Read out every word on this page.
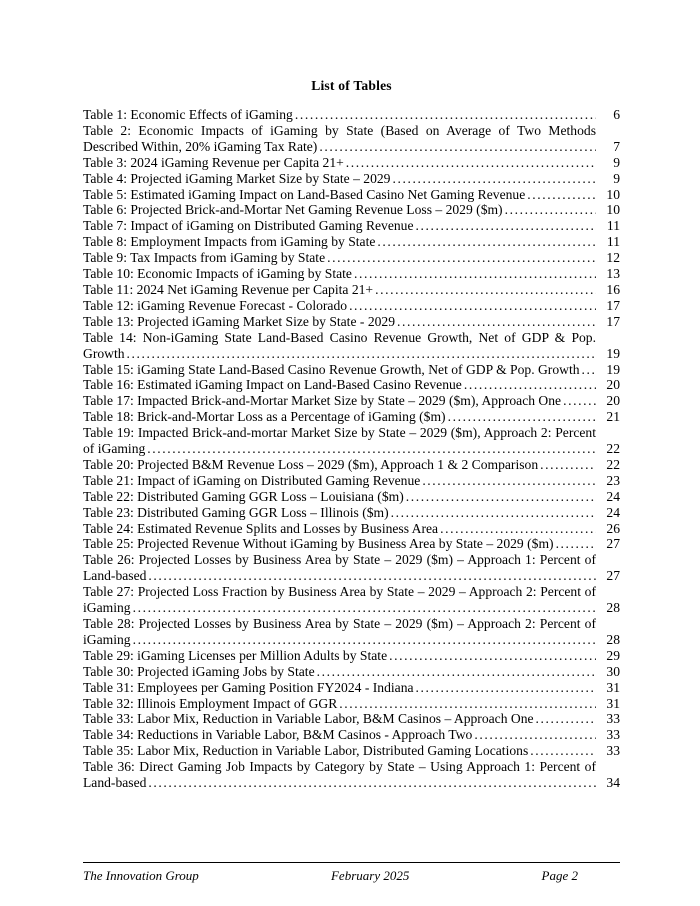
List of Tables
Table 1: Economic Effects of iGaming .....	6
Table 2: Economic Impacts of iGaming by State (Based on Average of Two Methods Described Within, 20% iGaming Tax Rate) .....	7
Table 3: 2024 iGaming Revenue per Capita 21+ .....	9
Table 4: Projected iGaming Market Size by State – 2029 .....	9
Table 5: Estimated iGaming Impact on Land-Based Casino Net Gaming Revenue .....	10
Table 6: Projected Brick-and-Mortar Net Gaming Revenue Loss – 2029 ($m) .....	10
Table 7: Impact of iGaming on Distributed Gaming Revenue .....	11
Table 8: Employment Impacts from iGaming by State .....	11
Table 9: Tax Impacts from iGaming by State .....	12
Table 10: Economic Impacts of iGaming by State .....	13
Table 11: 2024 Net iGaming Revenue per Capita 21+ .....	16
Table 12: iGaming Revenue Forecast - Colorado .....	17
Table 13: Projected iGaming Market Size by State - 2029 .....	17
Table 14: Non-iGaming State Land-Based Casino Revenue Growth, Net of GDP & Pop. Growth .....	19
Table 15: iGaming State Land-Based Casino Revenue Growth, Net of GDP & Pop. Growth .....	19
Table 16: Estimated iGaming Impact on Land-Based Casino Revenue .....	20
Table 17: Impacted Brick-and-Mortar Market Size by State – 2029 ($m), Approach One .....	20
Table 18: Brick-and-Mortar Loss as a Percentage of iGaming ($m) .....	21
Table 19: Impacted Brick-and-mortar Market Size by State – 2029 ($m), Approach 2: Percent of iGaming .....	22
Table 20: Projected B&M Revenue Loss – 2029 ($m), Approach 1 & 2 Comparison .....	22
Table 21: Impact of iGaming on Distributed Gaming Revenue .....	23
Table 22: Distributed Gaming GGR Loss – Louisiana ($m) .....	24
Table 23: Distributed Gaming GGR Loss – Illinois ($m) .....	24
Table 24: Estimated Revenue Splits and Losses by Business Area .....	26
Table 25: Projected Revenue Without iGaming by Business Area by State – 2029 ($m) .....	27
Table 26: Projected Losses by Business Area by State – 2029 ($m) – Approach 1: Percent of Land-based .....	27
Table 27: Projected Loss Fraction by Business Area by State – 2029 – Approach 2: Percent of iGaming .....	28
Table 28: Projected Losses by Business Area by State – 2029 ($m) – Approach 2: Percent of iGaming .....	28
Table 29: iGaming Licenses per Million Adults by State .....	29
Table 30: Projected iGaming Jobs by State .....	30
Table 31: Employees per Gaming Position FY2024 - Indiana .....	31
Table 32: Illinois Employment Impact of GGR .....	31
Table 33: Labor Mix, Reduction in Variable Labor, B&M Casinos – Approach One .....	33
Table 34: Reductions in Variable Labor, B&M Casinos - Approach Two .....	33
Table 35: Labor Mix, Reduction in Variable Labor, Distributed Gaming Locations .....	33
Table 36: Direct Gaming Job Impacts by Category by State – Using Approach 1: Percent of Land-based .....	34
The Innovation Group	February 2025	Page 2
